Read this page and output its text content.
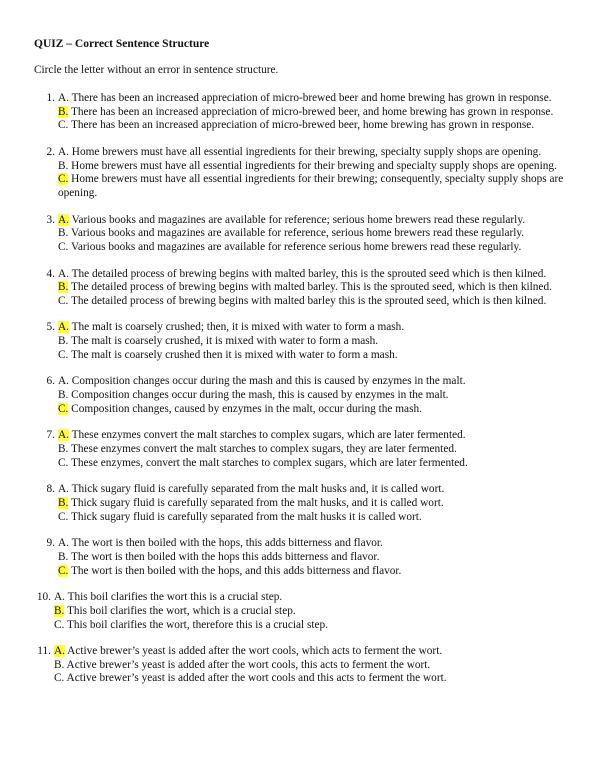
QUIZ – Correct Sentence Structure
Circle the letter without an error in sentence structure.
1. A. There has been an increased appreciation of micro-brewed beer and home brewing has grown in response.
B. There has been an increased appreciation of micro-brewed beer, and home brewing has grown in response.
C. There has been an increased appreciation of micro-brewed beer, home brewing has grown in response.
2. A. Home brewers must have all essential ingredients for their brewing, specialty supply shops are opening.
B. Home brewers must have all essential ingredients for their brewing and specialty supply shops are opening.
C. Home brewers must have all essential ingredients for their brewing; consequently, specialty supply shops are opening.
3. A. Various books and magazines are available for reference; serious home brewers read these regularly.
B. Various books and magazines are available for reference, serious home brewers read these regularly.
C. Various books and magazines are available for reference serious home brewers read these regularly.
4. A. The detailed process of brewing begins with malted barley, this is the sprouted seed which is then kilned.
B. The detailed process of brewing begins with malted barley. This is the sprouted seed, which is then kilned.
C. The detailed process of brewing begins with malted barley this is the sprouted seed, which is then kilned.
5. A. The malt is coarsely crushed; then, it is mixed with water to form a mash.
B. The malt is coarsely crushed, it is mixed with water to form a mash.
C. The malt is coarsely crushed then it is mixed with water to form a mash.
6. A. Composition changes occur during the mash and this is caused by enzymes in the malt.
B. Composition changes occur during the mash, this is caused by enzymes in the malt.
C. Composition changes, caused by enzymes in the malt, occur during the mash.
7. A. These enzymes convert the malt starches to complex sugars, which are later fermented.
B. These enzymes convert the malt starches to complex sugars, they are later fermented.
C. These enzymes, convert the malt starches to complex sugars, which are later fermented.
8. A. Thick sugary fluid is carefully separated from the malt husks and, it is called wort.
B. Thick sugary fluid is carefully separated from the malt husks, and it is called wort.
C. Thick sugary fluid is carefully separated from the malt husks it is called wort.
9. A. The wort is then boiled with the hops, this adds bitterness and flavor.
B. The wort is then boiled with the hops this adds bitterness and flavor.
C. The wort is then boiled with the hops, and this adds bitterness and flavor.
10. A. This boil clarifies the wort this is a crucial step.
B. This boil clarifies the wort, which is a crucial step.
C. This boil clarifies the wort, therefore this is a crucial step.
11. A. Active brewer’s yeast is added after the wort cools, which acts to ferment the wort.
B. Active brewer’s yeast is added after the wort cools, this acts to ferment the wort.
C. Active brewer’s yeast is added after the wort cools and this acts to ferment the wort.
